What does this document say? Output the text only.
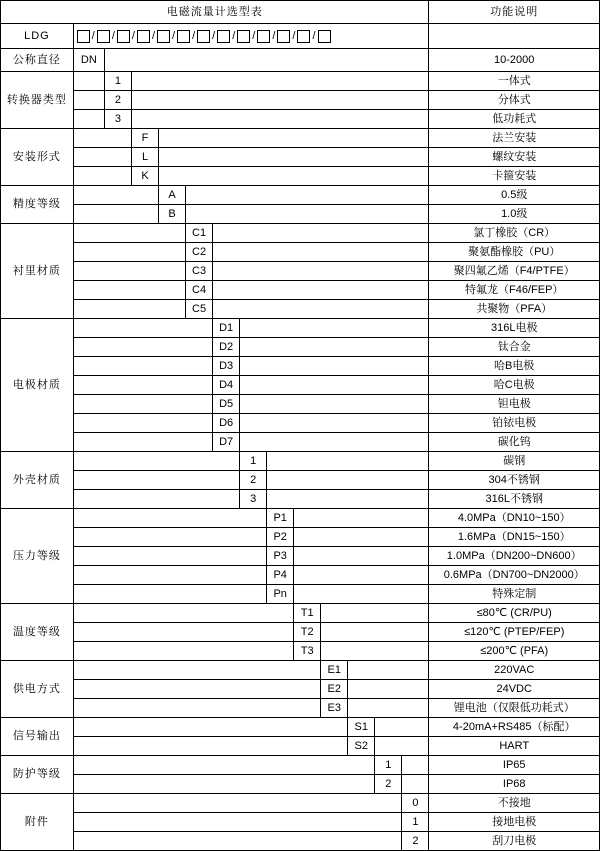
电磁流量计选型表														功能说明
LDG	/ / / / / / / / / / / /

公称直径	DN													10-2000
转换器类型		1												一体式
		2												分体式
		3												低功耗式
安装形式			F											法兰安装
			L											螺纹安装
			K											卡箍安装
精度等级				A										0.5级
				B										1.0级
衬里材质					C1									氯丁橡胶（CR）
					C2									聚氨酯橡胶（PU）
					C3									聚四氟乙烯（F4/PTFE）
					C4									特氟龙（F46/FEP）
					C5									共聚物（PFA）
电极材质						D1								316L电极
						D2								钛合金
						D3								哈B电极
						D4								哈C电极
						D5								钽电极
						D6								铂铱电极
						D7								碳化钨
外壳材质							1							碳钢
							2							304不锈钢
							3							316L不锈钢
压力等级								P1						4.0MPa（DN10~150）
								P2						1.6MPa（DN15~150）
								P3						1.0MPa（DN200~DN600）
								P4						0.6MPa（DN700~DN2000）
								Pn						特殊定制
温度等级									T1					≤80℃ (CR/PU)
									T2					≤120℃ (PTEP/FEP)
									T3					≤200℃ (PFA)
供电方式										E1				220VAC
										E2				24VDC
										E3				锂电池（仅限低功耗式）
信号输出											S1			4-20mA+RS485（标配）
											S2			HART
防护等级												1		IP65
												2		IP68
附件													0	不接地
													1	接地电极
													2	刮刀电极
